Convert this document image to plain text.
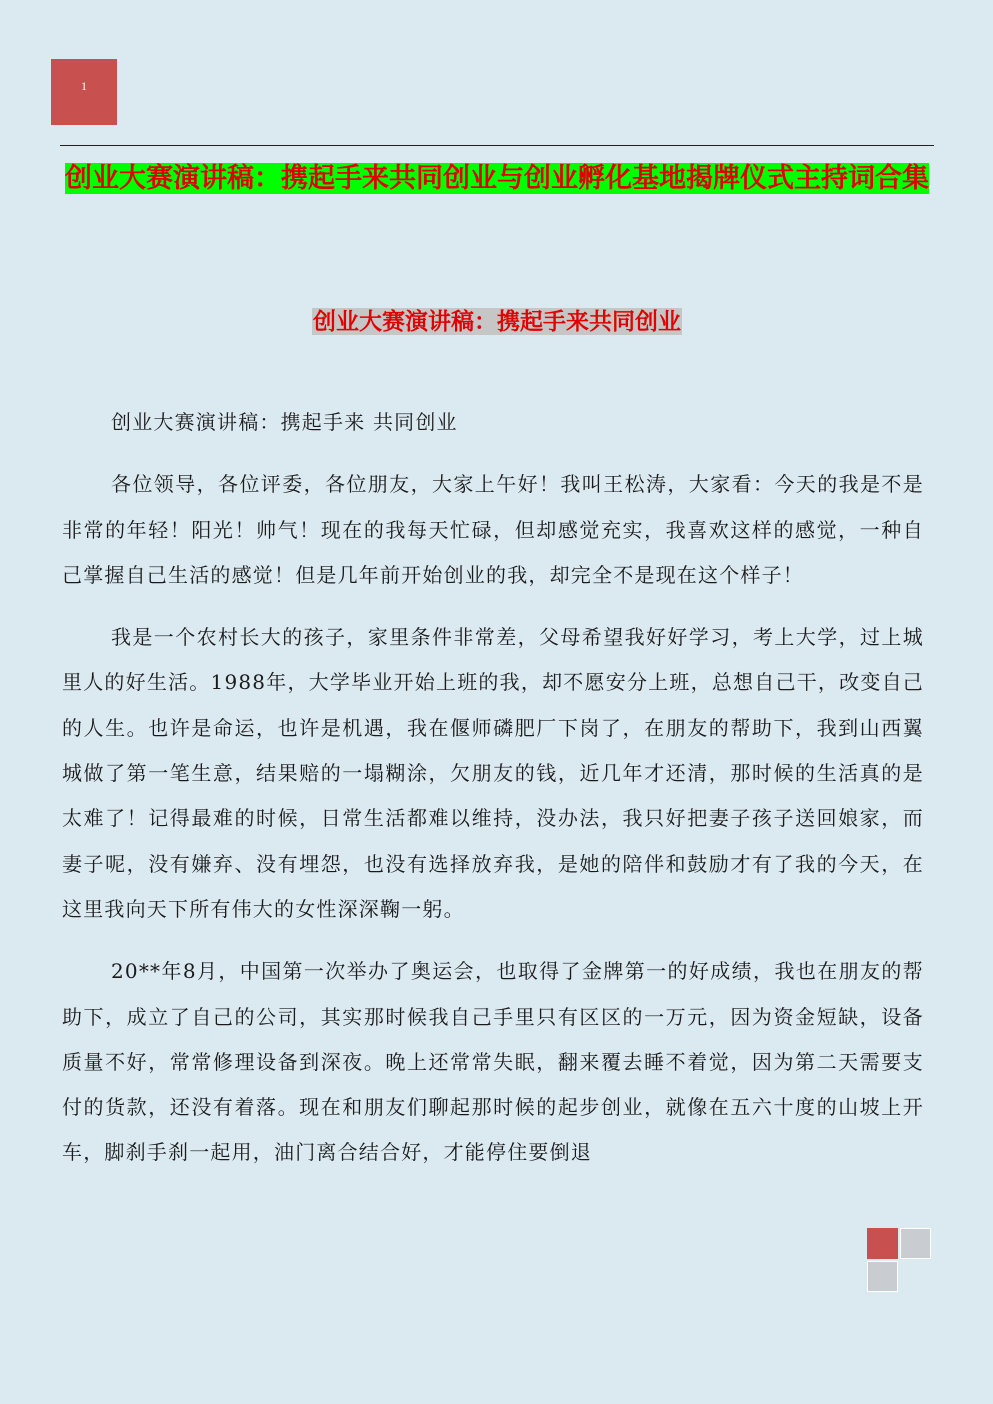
1
创业大赛演讲稿：携起手来共同创业与创业孵化基地揭牌仪式主持词合集
创业大赛演讲稿：携起手来共同创业

创业大赛演讲稿：携起手来 共同创业

各位领导，各位评委，各位朋友，大家上午好！我叫王松涛，大家看：今天的我是不是非常的年轻！阳光！帅气！现在的我每天忙碌，但却感觉充实，我喜欢这样的感觉，一种自己掌握自己生活的感觉！但是几年前开始创业的我，却完全不是现在这个样子！

我是一个农村长大的孩子，家里条件非常差，父母希望我好好学习，考上大学，过上城里人的好生活。1988年，大学毕业开始上班的我，却不愿安分上班，总想自己干，改变自己的人生。也许是命运，也许是机遇，我在偃师磷肥厂下岗了，在朋友的帮助下，我到山西翼城做了第一笔生意，结果赔的一塌糊涂，欠朋友的钱，近几年才还清，那时候的生活真的是太难了！记得最难的时候，日常生活都难以维持，没办法，我只好把妻子孩子送回娘家，而妻子呢，没有嫌弃、没有埋怨，也没有选择放弃我，是她的陪伴和鼓励才有了我的今天，在这里我向天下所有伟大的女性深深鞠一躬。

20**年8月，中国第一次举办了奥运会，也取得了金牌第一的好成绩，我也在朋友的帮助下，成立了自己的公司，其实那时候我自己手里只有区区的一万元，因为资金短缺，设备质量不好，常常修理设备到深夜。晚上还常常失眠，翻来覆去睡不着觉，因为第二天需要支付的货款，还没有着落。现在和朋友们聊起那时候的起步创业，就像在五六十度的山坡上开车，脚刹手刹一起用，油门离合结合好，才能停住要倒退
